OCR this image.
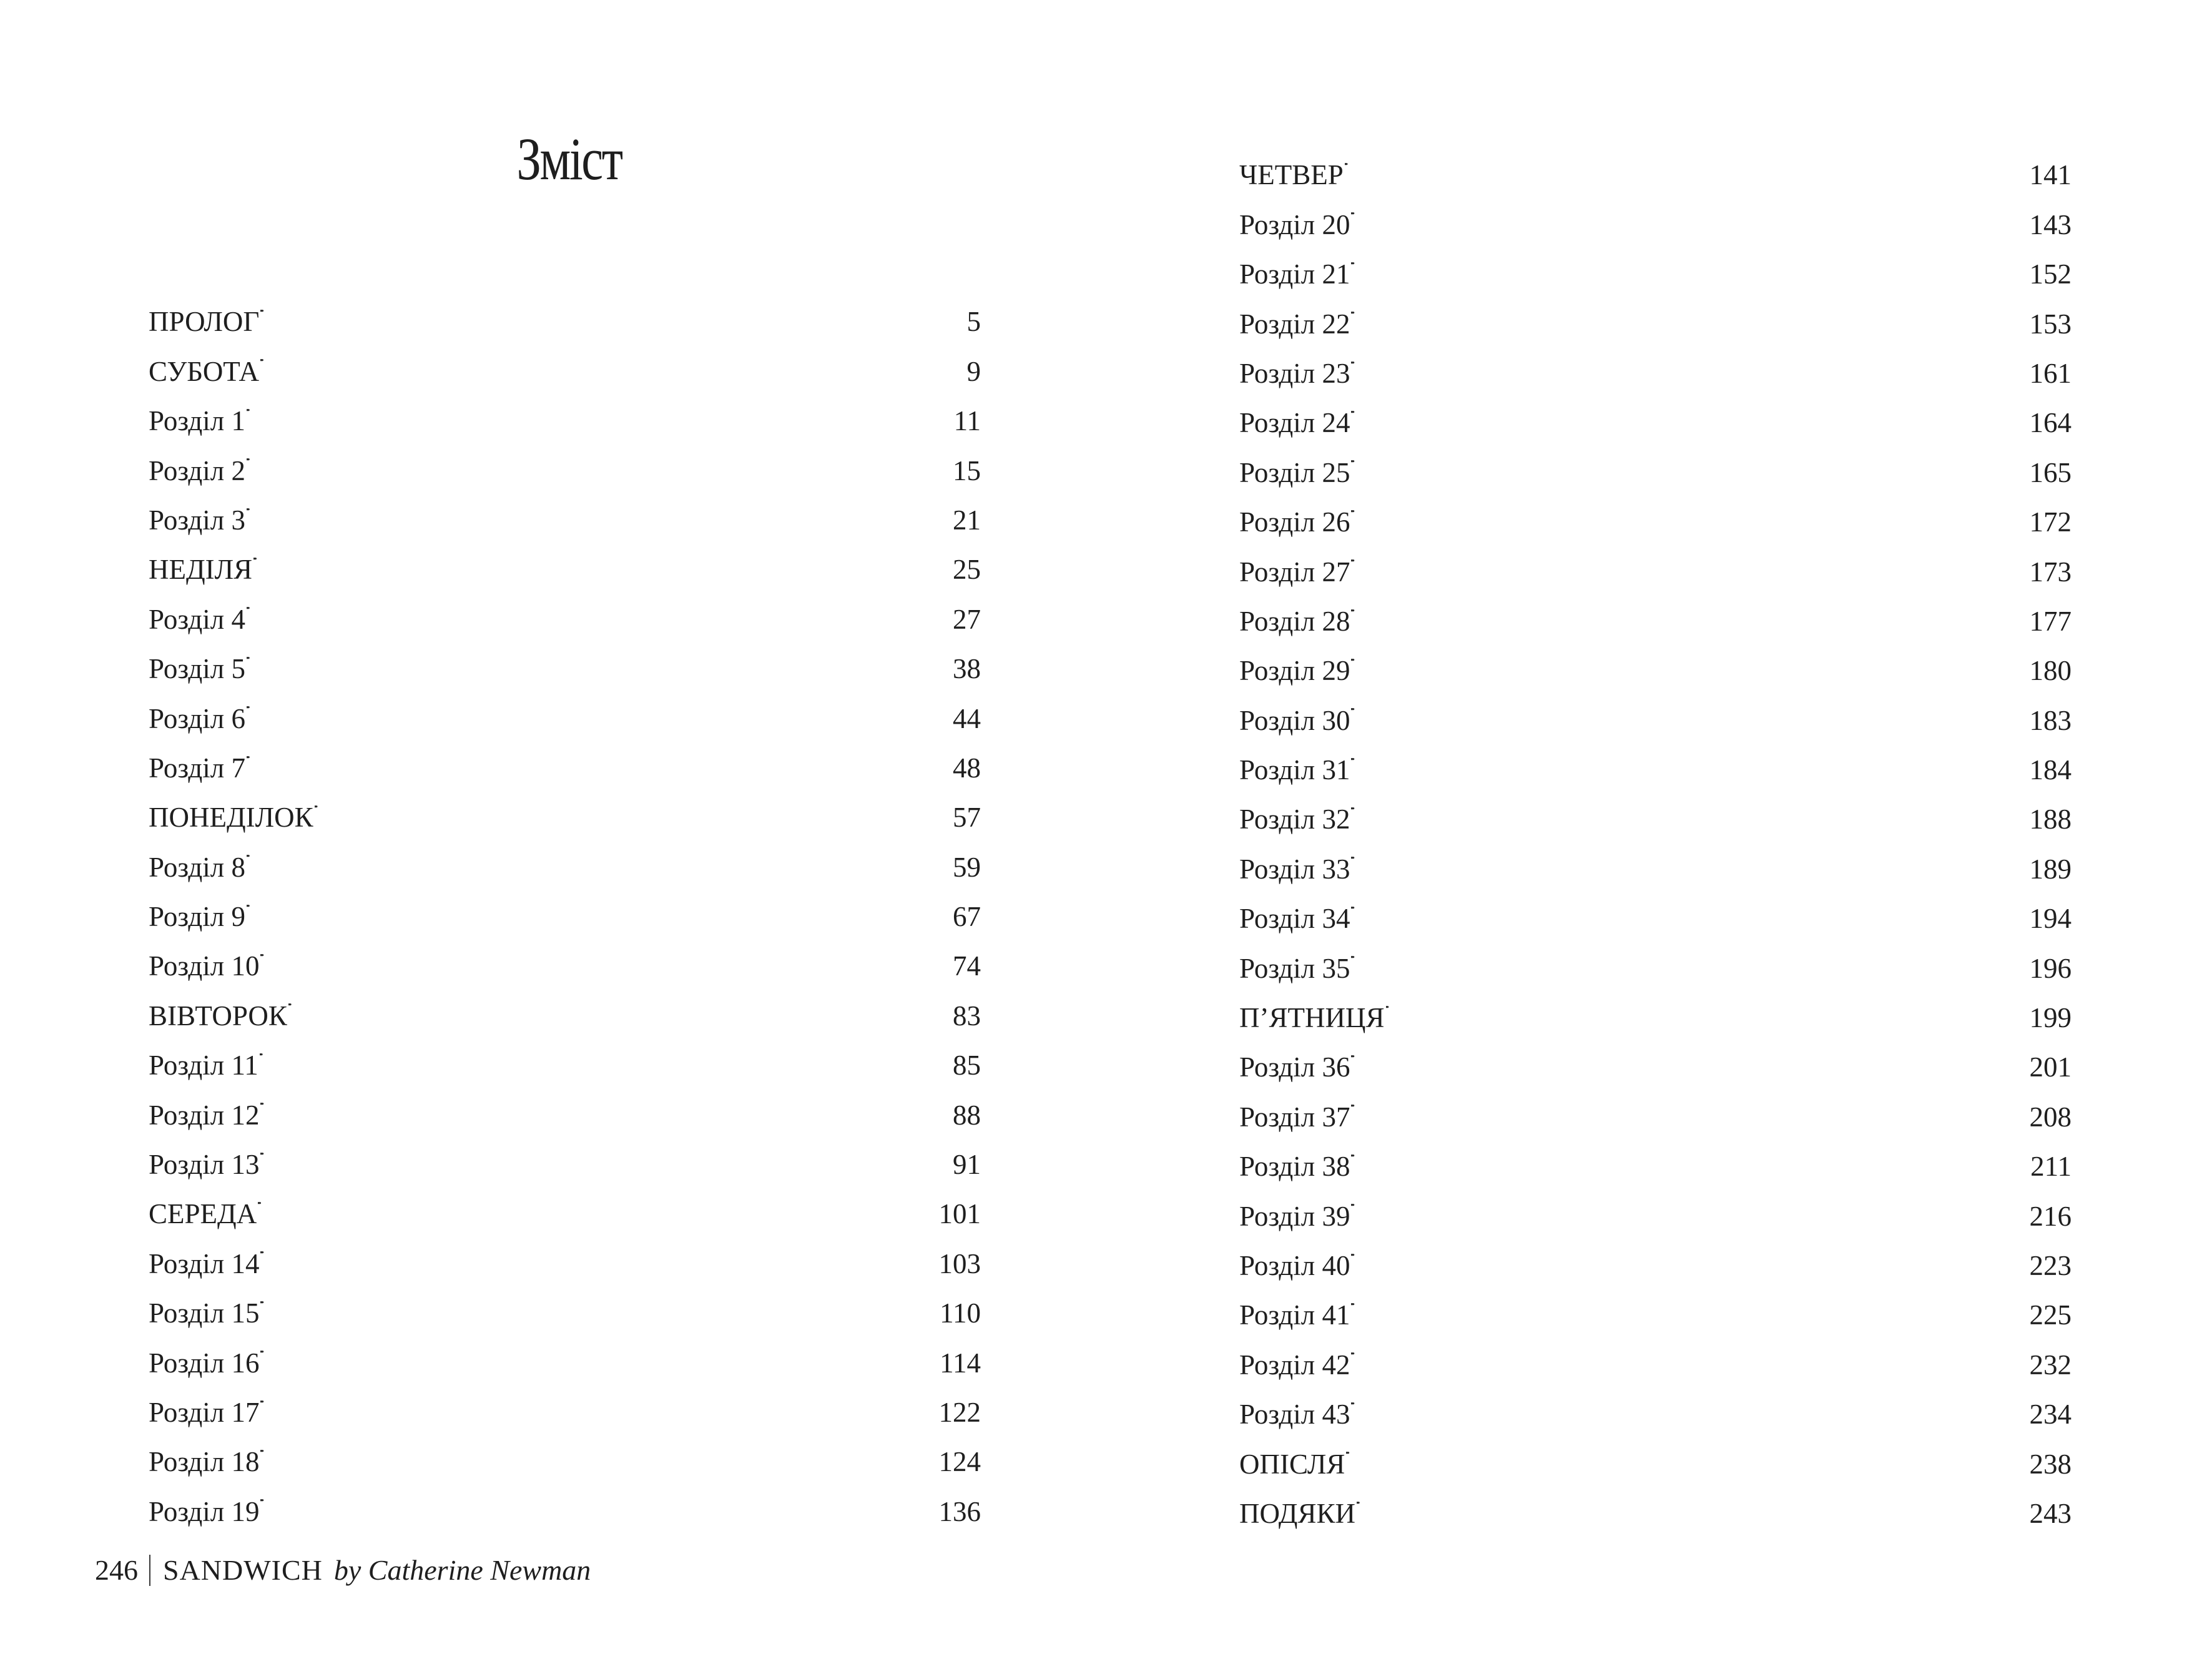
Зміст
ПРОЛОГ . . .	5
СУБОТА . . .	9
Розділ 1 . . .	11
Розділ 2 . . .	15
Розділ 3 . . .	21
НЕДІЛЯ . . .	25
Розділ 4 . . .	27
Розділ 5 . . .	38
Розділ 6 . . .	44
Розділ 7 . . .	48
ПОНЕДІЛОК . . .	57
Розділ 8 . . .	59
Розділ 9 . . .	67
Розділ 10 . . .	74
ВІВТОРОК . . .	83
Розділ 11 . . .	85
Розділ 12 . . .	88
Розділ 13 . . .	91
СЕРЕДА . . .	101
Розділ 14 . . .	103
Розділ 15 . . .	110
Розділ 16 . . .	114
Розділ 17 . . .	122
Розділ 18 . . .	124
Розділ 19 . . .	136
ЧЕТВЕР . . .	141
Розділ 20 . . .	143
Розділ 21 . . .	152
Розділ 22 . . .	153
Розділ 23 . . .	161
Розділ 24 . . .	164
Розділ 25 . . .	165
Розділ 26 . . .	172
Розділ 27 . . .	173
Розділ 28 . . .	177
Розділ 29 . . .	180
Розділ 30 . . .	183
Розділ 31 . . .	184
Розділ 32 . . .	188
Розділ 33 . . .	189
Розділ 34 . . .	194
Розділ 35 . . .	196
П’ЯТНИЦЯ . . .	199
Розділ 36 . . .	201
Розділ 37 . . .	208
Розділ 38 . . .	211
Розділ 39 . . .	216
Розділ 40 . . .	223
Розділ 41 . . .	225
Розділ 42 . . .	232
Розділ 43 . . .	234
ОПІСЛЯ . . .	238
ПОДЯКИ . . .	243
246 SANDWICH by Catherine Newman
